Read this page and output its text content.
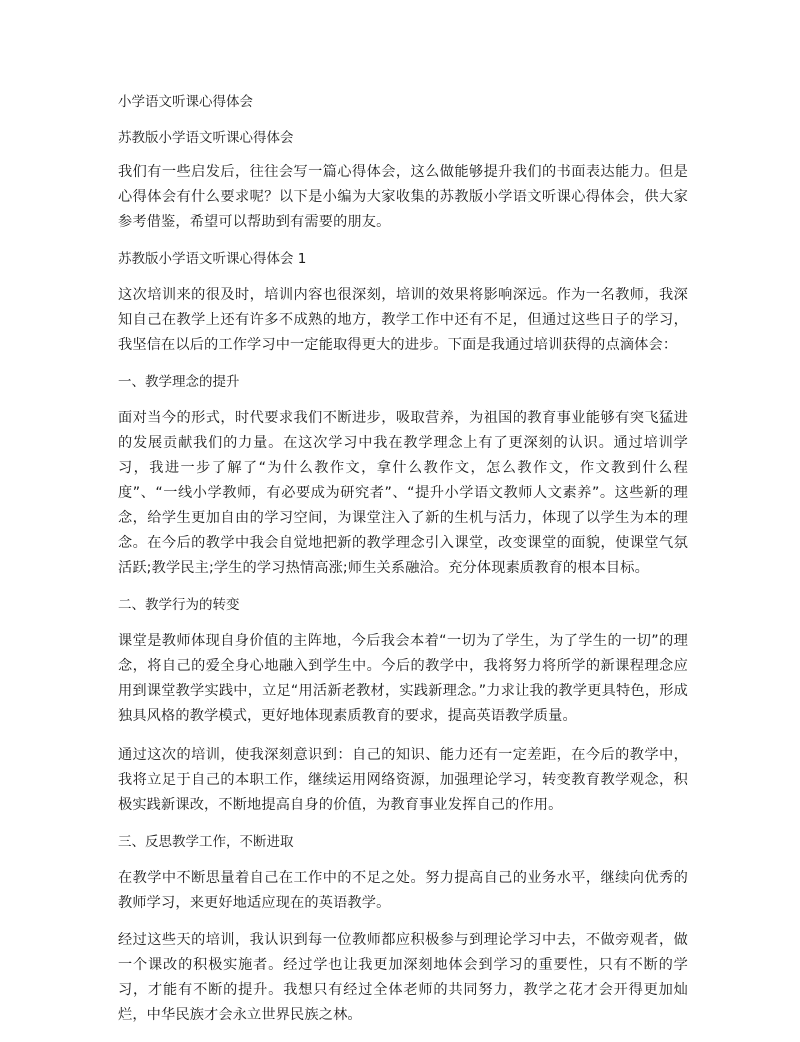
小学语文听课心得体会
苏教版小学语文听课心得体会

我们有一些启发后，往往会写一篇心得体会，这么做能够提升我们的书面表达能力。但是心得体会有什么要求呢？以下是小编为大家收集的苏教版小学语文听课心得体会，供大家参考借鉴，希望可以帮助到有需要的朋友。

苏教版小学语文听课心得体会 1

这次培训来的很及时，培训内容也很深刻，培训的效果将影响深远。作为一名教师，我深知自己在教学上还有许多不成熟的地方，教学工作中还有不足，但通过这些日子的学习，我坚信在以后的工作学习中一定能取得更大的进步。下面是我通过培训获得的点滴体会：

一、教学理念的提升

面对当今的形式，时代要求我们不断进步，吸取营养，为祖国的教育事业能够有突飞猛进的发展贡献我们的力量。在这次学习中我在教学理念上有了更深刻的认识。通过培训学习，我进一步了解了“为什么教作文，拿什么教作文，怎么教作文，作文教到什么程度”、“一线小学教师，有必要成为研究者”、“提升小学语文教师人文素养”。这些新的理念，给学生更加自由的学习空间，为课堂注入了新的生机与活力，体现了以学生为本的理念。在今后的教学中我会自觉地把新的教学理念引入课堂，改变课堂的面貌，使课堂气氛活跃;教学民主;学生的学习热情高涨;师生关系融洽。充分体现素质教育的根本目标。

二、教学行为的转变

课堂是教师体现自身价值的主阵地，今后我会本着“一切为了学生，为了学生的一切”的理念，将自己的爱全身心地融入到学生中。今后的教学中，我将努力将所学的新课程理念应用到课堂教学实践中，立足“用活新老教材，实践新理念。”力求让我的教学更具特色，形成独具风格的教学模式，更好地体现素质教育的要求，提高英语教学质量。

通过这次的培训，使我深刻意识到：自己的知识、能力还有一定差距，在今后的教学中，我将立足于自己的本职工作，继续运用网络资源，加强理论学习，转变教育教学观念，积极实践新课改，不断地提高自身的价值，为教育事业发挥自己的作用。

三、反思教学工作，不断进取

在教学中不断思量着自己在工作中的不足之处。努力提高自己的业务水平，继续向优秀的教师学习，来更好地适应现在的英语教学。

经过这些天的培训，我认识到每一位教师都应积极参与到理论学习中去，不做旁观者，做一个课改的积极实施者。经过学也让我更加深刻地体会到学习的重要性，只有不断的学习，才能有不断的提升。我想只有经过全体老师的共同努力，教学之花才会开得更加灿烂，中华民族才会永立世界民族之林。
